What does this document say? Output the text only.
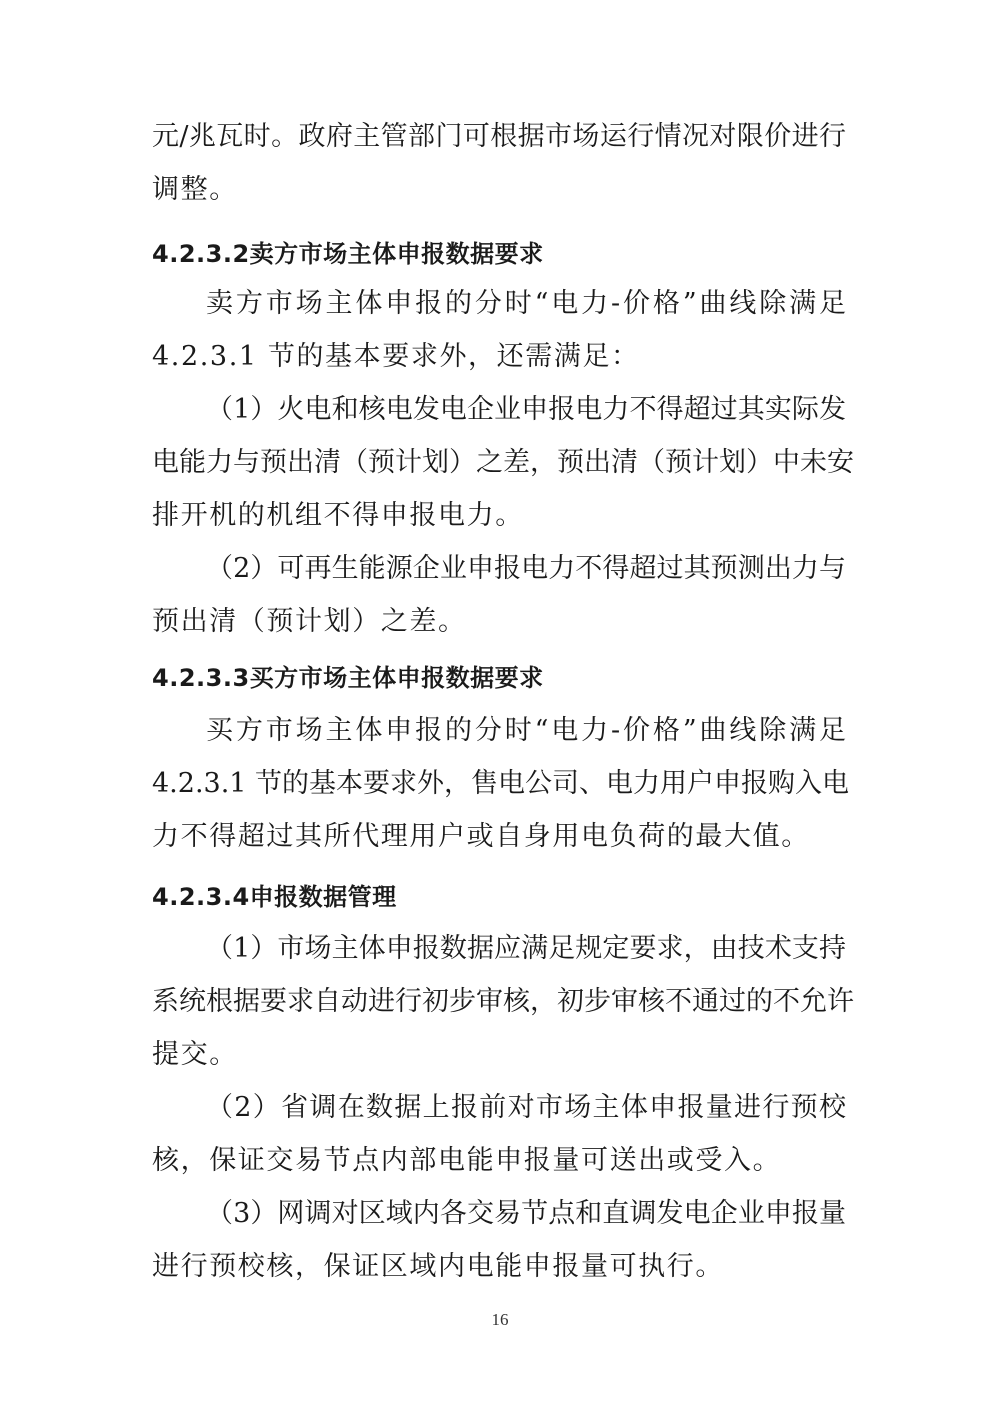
元/兆瓦时。政府主管部门可根据市场运行情况对限价进行

调整。

4.2.3.2卖方市场主体申报数据要求

卖方市场主体申报的分时“电力-价格”曲线除满足

4.2.3.1 节的基本要求外，还需满足：

（1）火电和核电发电企业申报电力不得超过其实际发

电能力与预出清（预计划）之差，预出清（预计划）中未安

排开机的机组不得申报电力。

（2）可再生能源企业申报电力不得超过其预测出力与

预出清（预计划）之差。

4.2.3.3买方市场主体申报数据要求

买方市场主体申报的分时“电力-价格”曲线除满足

4.2.3.1 节的基本要求外，售电公司、电力用户申报购入电

力不得超过其所代理用户或自身用电负荷的最大值。

4.2.3.4申报数据管理

（1）市场主体申报数据应满足规定要求，由技术支持

系统根据要求自动进行初步审核，初步审核不通过的不允许

提交。

（2）省调在数据上报前对市场主体申报量进行预校

核，保证交易节点内部电能申报量可送出或受入。

（3）网调对区域内各交易节点和直调发电企业申报量

进行预校核，保证区域内电能申报量可执行。

16
